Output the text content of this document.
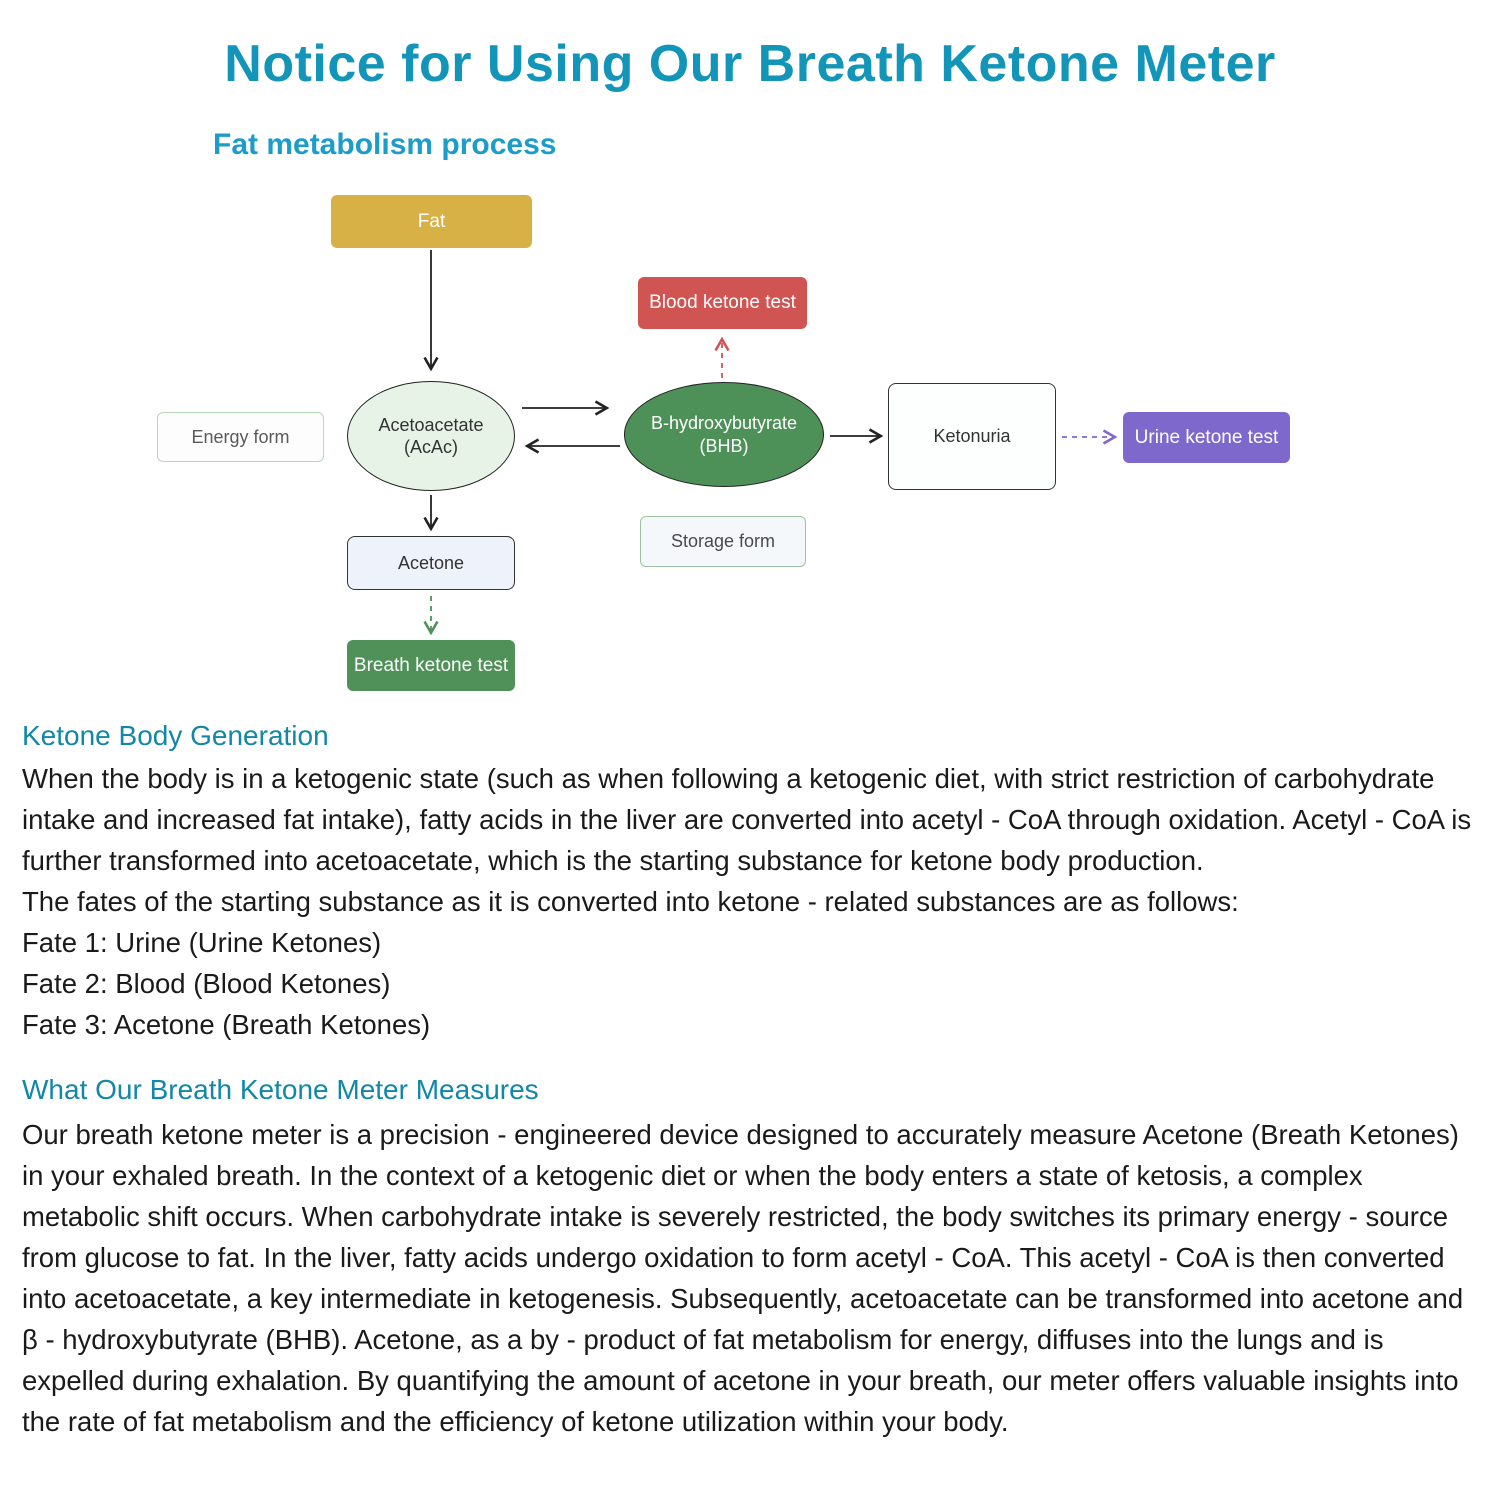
Notice for Using Our Breath Ketone Meter
Fat metabolism process
Fat
Energy form
Acetoacetate
(AcAc)
Blood ketone test
B-hydroxybutyrate
(BHB)
Storage form
Ketonuria	Urine ketone test
Acetone
Breath ketone test
Ketone Body Generation

When the body is in a ketogenic state (such as when following a ketogenic diet, with strict restriction of carbohydrate intake and increased fat intake), fatty acids in the liver are converted into acetyl - CoA through oxidation. Acetyl - CoA is further transformed into acetoacetate, which is the starting substance for ketone body production.

The fates of the starting substance as it is converted into ketone - related substances are as follows:

Fate 1: Urine (Urine Ketones)

Fate 2: Blood (Blood Ketones)

Fate 3: Acetone (Breath Ketones)

What Our Breath Ketone Meter Measures

Our breath ketone meter is a precision - engineered device designed to accurately measure Acetone (Breath Ketones) in your exhaled breath. In the context of a ketogenic diet or when the body enters a state of ketosis, a complex metabolic shift occurs. When carbohydrate intake is severely restricted, the body switches its primary energy - source from glucose to fat. In the liver, fatty acids undergo oxidation to form acetyl - CoA. This acetyl - CoA is then converted into acetoacetate, a key intermediate in ketogenesis. Subsequently, acetoacetate can be transformed into acetone and β - hydroxybutyrate (BHB). Acetone, as a by - product of fat metabolism for energy, diffuses into the lungs and is expelled during exhalation. By quantifying the amount of acetone in your breath, our meter offers valuable insights into the rate of fat metabolism and the efficiency of ketone utilization within your body.
